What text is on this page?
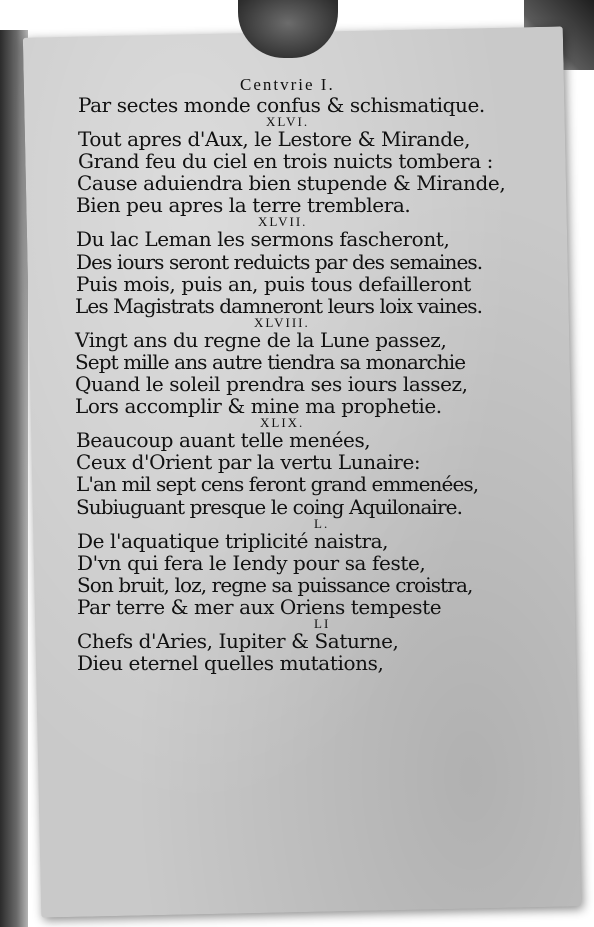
Centvrie I.
Par sectes monde confus & schismatique.
XLVI.
Tout apres d'Aux, le Lestore & Mirande,
Grand feu du ciel en trois nuicts tombera :
Cause aduiendra bien stupende & Mirande,
Bien peu apres la terre tremblera.
XLVII.
Du lac Leman les sermons fascheront,
Des iours seront reduicts par des semaines.
Puis mois, puis an, puis tous defailleront
Les Magistrats damneront leurs loix vaines.
XLVIII.
Vingt ans du regne de la Lune passez,
Sept mille ans autre tiendra sa monarchie
Quand le soleil prendra ses iours lassez,
Lors accomplir & mine ma prophetie.
XLIX.
Beaucoup auant telle menées,
Ceux d'Orient par la vertu Lunaire:
L'an mil sept cens feront grand emmenées,
Subiuguant presque le coing Aquilonaire.
L.
De l'aquatique triplicité naistra,
D'vn qui fera le Iendy pour sa feste,
Son bruit, loz, regne sa puissance croistra,
Par terre & mer aux Oriens tempeste
LI
Chefs d'Aries, Iupiter & Saturne,
Dieu eternel quelles mutations,
